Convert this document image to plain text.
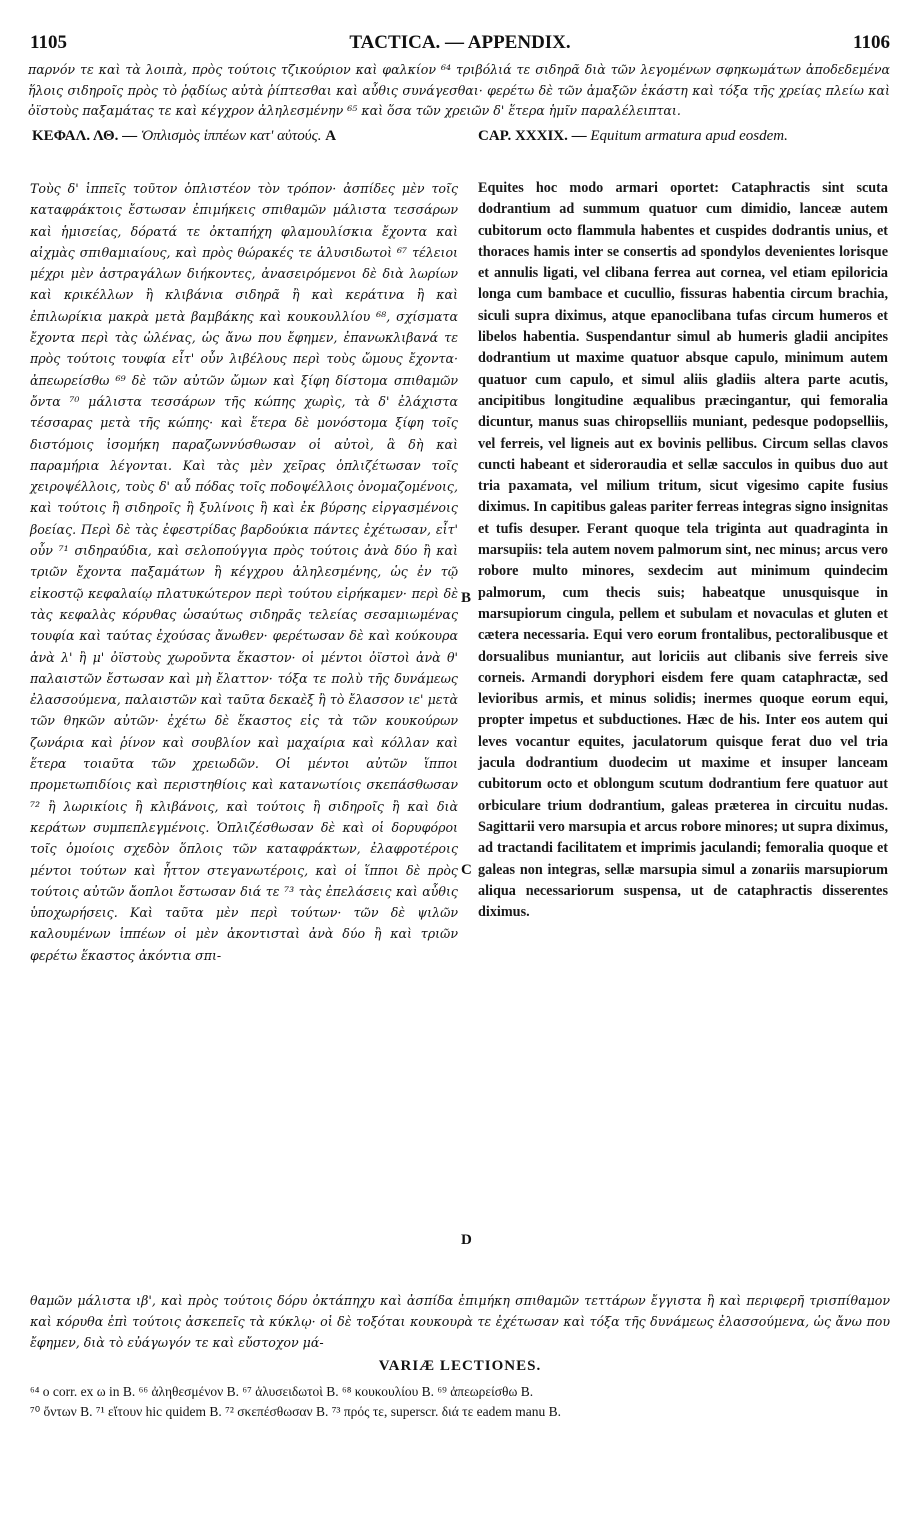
1105	TACTICA. — APPENDIX.	1106
παρνόν τε καὶ τὰ λοιπὰ, πρὸς τούτοις τζικούριον καὶ φαλκίον ⁶⁴ τριβόλιά τε σιδηρᾶ διὰ τῶν λεγομένων σφηκωμάτων ἀποδεδεμένα ἥλοις σιδηροῖς πρὸς τὸ ῥᾳδίως αὐτὰ ῥίπτεσθαι καὶ αὖθις συνάγεσθαι· φερέτω δὲ τῶν ἁμαξῶν ἑκάστη καὶ τόξα τῆς χρείας πλείω καὶ ὀϊστοὺς παξαμάτας τε καὶ κέγχρον ἀληλεσμένην ⁶⁵ καὶ ὅσα τῶν χρειῶν δ' ἕτερα ἡμῖν παραλέλειπται.
ΚΕΦΑΛ. ΛΘ. — Ὁπλισμὸς ἱππέων κατ' αὐτούς. A	CAP. XXXIX. — Equitum armatura apud eosdem.

Τοὺς δ' ἱππεῖς τοῦτον ὁπλιστέον τὸν τρόπον· ἀσπίδες μὲν τοῖς καταφράκτοις ἔστωσαν ἐπιμήκεις σπιθαμῶν μάλιστα τεσσάρων καὶ ἡμισείας, δόρατά τε ὀκταπήχη φλαμουλίσκια ἔχοντα καὶ αἰχμὰς σπιθαμιαίους, καὶ πρὸς θώρακές τε ἁλυσιδωτοὶ ⁶⁷ τέλειοι μέχρι μὲν ἀστραγάλων διήκοντες, ἀνασειρόμενοι δὲ διὰ λωρίων καὶ κρικέλλων ἢ κλιβάνια σιδηρᾶ ἢ καὶ κεράτινα ἢ καὶ ἐπιλωρίκια μακρὰ μετὰ βαμβάκης καὶ κουκουλλίου ⁶⁸, σχίσματα ἔχοντα περὶ τὰς ὠλένας, ὡς ἄνω που ἔφημεν, ἐπανωκλιβανά τε πρὸς τούτοις τουφία εἶτ' οὖν λιβέλους περὶ τοὺς ὤμους ἔχοντα· ἀπεωρείσθω ⁶⁹ δὲ τῶν αὐτῶν ὤμων καὶ ξίφη δίστομα σπιθαμῶν ὄντα ⁷⁰ μάλιστα τεσσάρων τῆς κώπης χωρὶς, τὰ δ' ἐλάχιστα τέσσαρας μετὰ τῆς κώπης· καὶ ἕτερα δὲ μονόστομα ξίφη τοῖς διστόμοις ἰσομήκη παραζωννύσθωσαν οἱ αὐτοὶ, ἃ δὴ καὶ παραμήρια λέγονται. Καὶ τὰς μὲν χεῖρας ὁπλιζέτωσαν τοῖς χειροψέλλοις, τοὺς δ' αὖ πόδας τοῖς ποδοψέλλοις ὀνομαζομένοις, καὶ τούτοις ἢ σιδηροῖς ἢ ξυλίνοις ἢ καὶ ἐκ βύρσης εἰργασμένοις βοείας. Περὶ δὲ τὰς ἐφεστρίδας βαρδούκια πάντες ἐχέτωσαν, εἶτ' οὖν ⁷¹ σιδηραύδια, καὶ σελοπούγγια πρὸς τούτοις ἀνὰ δύο ἢ καὶ τριῶν ἔχοντα παξαμάτων ἢ κέγχρου ἀληλεσμένης, ὡς ἐν τῷ εἰκοστῷ κεφαλαίῳ πλατυκώτερον περὶ τούτου εἰρήκαμεν· περὶ δὲ τὰς κεφαλὰς κόρυθας ὡσαύτως σιδηρᾶς τελείας σεσαμιωμένας τουφία καὶ ταύτας ἐχούσας ἄνωθεν· φερέτωσαν δὲ καὶ κούκουρα ἀνὰ λ' ἢ μ' ὀϊστοὺς χωροῦντα ἕκαστον· οἱ μέντοι ὀϊστοὶ ἀνὰ θ' παλαιστῶν ἔστωσαν καὶ μὴ ἔλαττον· τόξα τε πολὺ τῆς δυνάμεως ἐλασσούμενα, παλαιστῶν καὶ ταῦτα δεκαὲξ ἢ τὸ ἔλασσον ιε' μετὰ τῶν θηκῶν αὐτῶν· ἐχέτω δὲ ἕκαστος εἰς τὰ τῶν κουκούρων ζωνάρια καὶ ῥίνον καὶ σουβλίον καὶ μαχαίρια καὶ κόλλαν καὶ ἕτερα τοιαῦτα τῶν χρειωδῶν. Οἱ μέντοι αὐτῶν ἵπποι προμετωπιδίοις καὶ περιστηθίοις καὶ κατανωτίοις σκεπάσθωσαν ⁷² ἢ λωρικίοις ἢ κλιβάνοις, καὶ τούτοις ἢ σιδηροῖς ἢ καὶ διὰ κεράτων συμπεπλεγμένοις. Ὁπλιζέσθωσαν δὲ καὶ οἱ δορυφόροι τοῖς ὁμοίοις σχεδὸν ὅπλοις τῶν καταφράκτων, ἐλαφροτέροις μέντοι τούτων καὶ ἧττον στεγανωτέροις, καὶ οἱ ἵπποι δὲ πρὸς τούτοις αὐτῶν ἄοπλοι ἔστωσαν διά τε ⁷³ τὰς ἐπελάσεις καὶ αὖθις ὑποχωρήσεις. Καὶ ταῦτα μὲν περὶ τούτων· τῶν δὲ ψιλῶν καλουμένων ἱππέων οἱ μὲν ἀκοντισταὶ ἀνὰ δύο ἢ καὶ τριῶν φερέτω ἕκαστος ἀκόντια σπι-

B
C
D

Equites hoc modo armari oportet: Cataphractis sint scuta dodrantium ad summum quatuor cum dimidio, lanceæ autem cubitorum octo flammula habentes et cuspides dodrantis unius, et thoraces hamis inter se consertis ad spondylos devenientes lorisque et annulis ligati, vel clibana ferrea aut cornea, vel etiam epiloricia longa cum bambace et cucullio, fissuras habentia circum brachia, siculi supra diximus, atque epanoclibana tufas circum humeros et libelos habentia. Suspendantur simul ab humeris gladii ancipites dodrantium ut maxime quatuor absque capulo, minimum autem quatuor cum capulo, et simul aliis gladiis altera parte acutis, ancipitibus longitudine æqualibus præcingantur, qui femoralia dicuntur, manus suas chiropselliis muniant, pedesque podopselliis, vel ferreis, vel ligneis aut ex bovinis pellibus. Circum sellas clavos cuncti habeant et sideroraudia et sellæ sacculos in quibus duo aut tria paxamata, vel milium tritum, sicut vigesimo capite fusius diximus. In capitibus galeas pariter ferreas integras signo insignitas et tufis desuper. Ferant quoque tela triginta aut quadraginta in marsupiis: tela autem novem palmorum sint, nec minus; arcus vero robore multo minores, sexdecim aut minimum quindecim palmorum, cum thecis suis; habeatque unusquisque in marsupiorum cingula, pellem et subulam et novaculas et gluten et cætera necessaria. Equi vero eorum frontalibus, pectoralibusque et dorsualibus muniantur, aut loriciis aut clibanis sive ferreis sive corneis. Armandi doryphori eisdem fere quam cataphractæ, sed levioribus armis, et minus solidis; inermes quoque eorum equi, propter impetus et subductiones. Hæc de his. Inter eos autem qui leves vocantur equites, jaculatorum quisque ferat duo vel tria jacula dodrantium duodecim ut maxime et insuper lanceam cubitorum octo et oblongum scutum dodrantium fere quatuor aut orbiculare trium dodrantium, galeas præterea in circuitu nudas. Sagittarii vero marsupia et arcus robore minores; ut supra diximus, ad tractandi facilitatem et imprimis jaculandi; femoralia quoque et galeas non integras, sellæ marsupia simul a zonariis marsupiorum aliqua necessariorum suspensa, ut de cataphractis disserentes diximus.

θαμῶν μάλιστα ιβ', καὶ πρὸς τούτοις δόρυ ὀκτάπηχυ καὶ ἀσπίδα ἐπιμήκη σπιθαμῶν τεττάρων ἔγγιστα ἢ καὶ περιφερῆ τρισπίθαμον καὶ κόρυθα ἐπὶ τούτοις ἀσκεπεῖς τὰ κύκλῳ· οἱ δὲ τοξόται κουκουρὰ τε ἐχέτωσαν καὶ τόξα τῆς δυνάμεως ἐλασσούμενα, ὡς ἄνω που ἔφημεν, διὰ τὸ εὐάγωγόν τε καὶ εὔστοχον μά-
VARIÆ LECTIONES.
⁶⁴ ο corr. ex ω in B. ⁶⁶ ἀληθεσμένον B. ⁶⁷ ἁλυσειδωτοὶ B. ⁶⁸ κουκουλίου B. ⁶⁹ ἀπεωρείσθω B.
⁷⁰ ὄντων B. ⁷¹ εἴτουν hic quidem B. ⁷² σκεπέσθωσαν B. ⁷³ πρός τε, superscr. διά τε eadem manu B.
